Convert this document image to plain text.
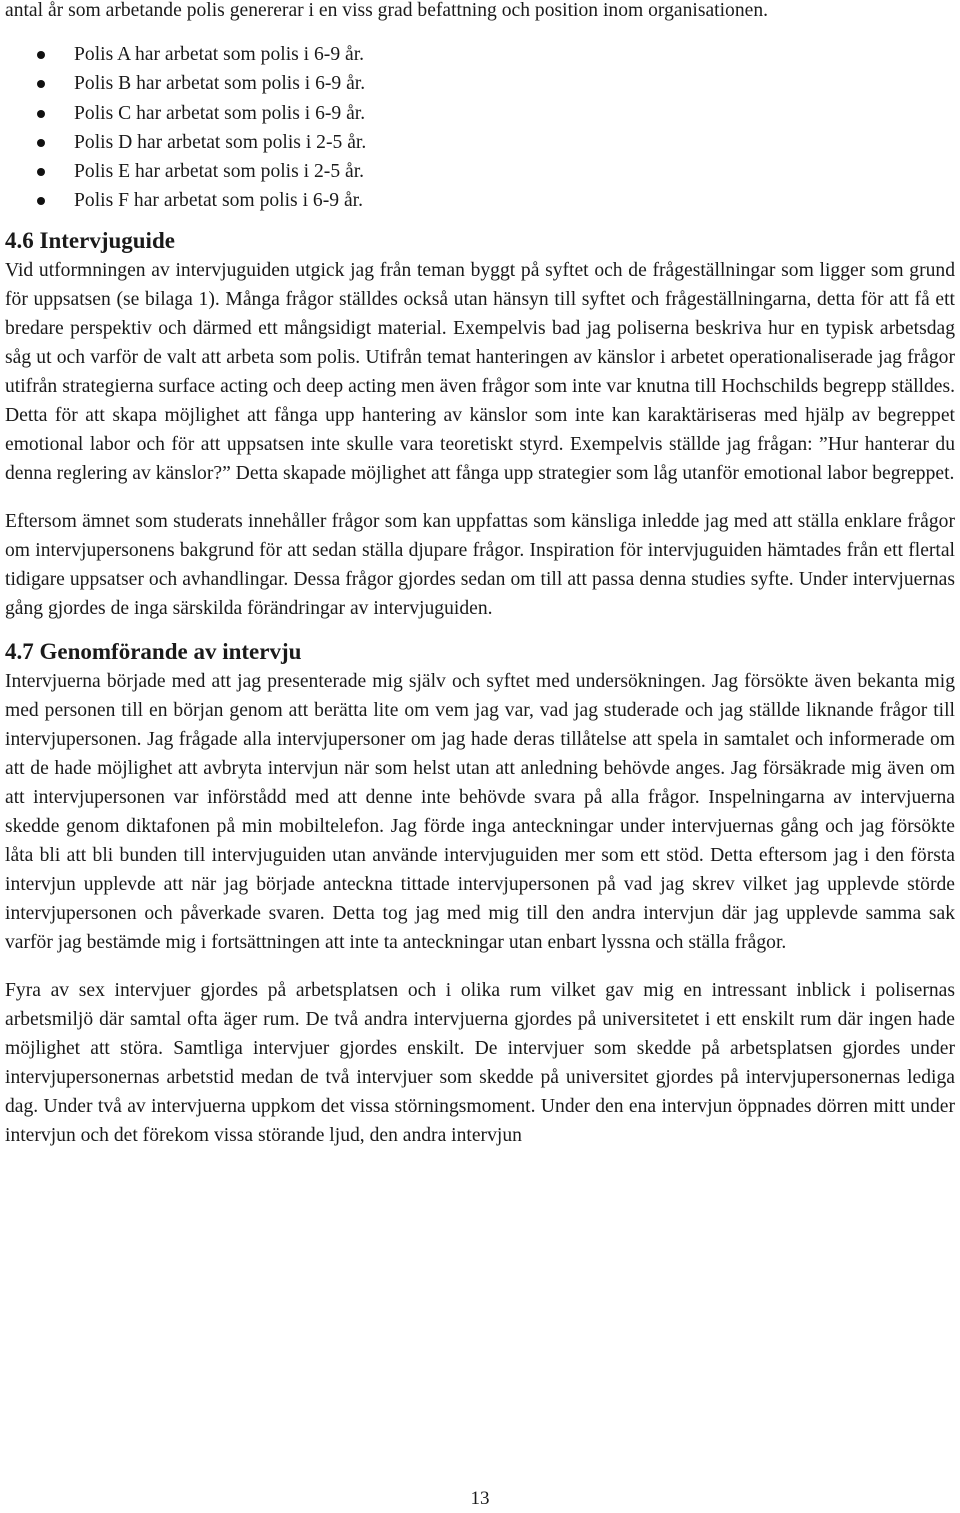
antal år som arbetande polis genererar i en viss grad befattning och position inom organisationen.

Polis A har arbetat som polis i 6-9 år.
Polis B har arbetat som polis i 6-9 år.
Polis C har arbetat som polis i 6-9 år.
Polis D har arbetat som polis i 2-5 år.
Polis E har arbetat som polis i 2-5 år.
Polis F har arbetat som polis i 6-9 år.
4.6 Intervjuguide

Vid utformningen av intervjuguiden utgick jag från teman byggt på syftet och de frågeställningar som ligger som grund för uppsatsen (se bilaga 1). Många frågor ställdes också utan hänsyn till syftet och frågeställningarna, detta för att få ett bredare perspektiv och därmed ett mångsidigt material. Exempelvis bad jag poliserna beskriva hur en typisk arbetsdag såg ut och varför de valt att arbeta som polis. Utifrån temat hanteringen av känslor i arbetet operationaliserade jag frågor utifrån strategierna surface acting och deep acting men även frågor som inte var knutna till Hochschilds begrepp ställdes. Detta för att skapa möjlighet att fånga upp hantering av känslor som inte kan karaktäriseras med hjälp av begreppet emotional labor och för att uppsatsen inte skulle vara teoretiskt styrd. Exempelvis ställde jag frågan: ”Hur hanterar du denna reglering av känslor?” Detta skapade möjlighet att fånga upp strategier som låg utanför emotional labor begreppet.

Eftersom ämnet som studerats innehåller frågor som kan uppfattas som känsliga inledde jag med att ställa enklare frågor om intervjupersonens bakgrund för att sedan ställa djupare frågor. Inspiration för intervjuguiden hämtades från ett flertal tidigare uppsatser och avhandlingar. Dessa frågor gjordes sedan om till att passa denna studies syfte. Under intervjuernas gång gjordes de inga särskilda förändringar av intervjuguiden.

4.7 Genomförande av intervju

Intervjuerna började med att jag presenterade mig själv och syftet med undersökningen. Jag försökte även bekanta mig med personen till en början genom att berätta lite om vem jag var, vad jag studerade och jag ställde liknande frågor till intervjupersonen. Jag frågade alla intervjupersoner om jag hade deras tillåtelse att spela in samtalet och informerade om att de hade möjlighet att avbryta intervjun när som helst utan att anledning behövde anges. Jag försäkrade mig även om att intervjupersonen var införstådd med att denne inte behövde svara på alla frågor. Inspelningarna av intervjuerna skedde genom diktafonen på min mobiltelefon. Jag förde inga anteckningar under intervjuernas gång och jag försökte låta bli att bli bunden till intervjuguiden utan använde intervjuguiden mer som ett stöd. Detta eftersom jag i den första intervjun upplevde att när jag började anteckna tittade intervjupersonen på vad jag skrev vilket jag upplevde störde intervjupersonen och påverkade svaren. Detta tog jag med mig till den andra intervjun där jag upplevde samma sak varför jag bestämde mig i fortsättningen att inte ta anteckningar utan enbart lyssna och ställa frågor.

Fyra av sex intervjuer gjordes på arbetsplatsen och i olika rum vilket gav mig en intressant inblick i polisernas arbetsmiljö där samtal ofta äger rum. De två andra intervjuerna gjordes på universitetet i ett enskilt rum där ingen hade möjlighet att störa. Samtliga intervjuer gjordes enskilt. De intervjuer som skedde på arbetsplatsen gjordes under intervjupersonernas arbetstid medan de två intervjuer som skedde på universitet gjordes på intervjupersonernas lediga dag. Under två av intervjuerna uppkom det vissa störningsmoment. Under den ena intervjun öppnades dörren mitt under intervjun och det förekom vissa störande ljud, den andra intervjun

13
